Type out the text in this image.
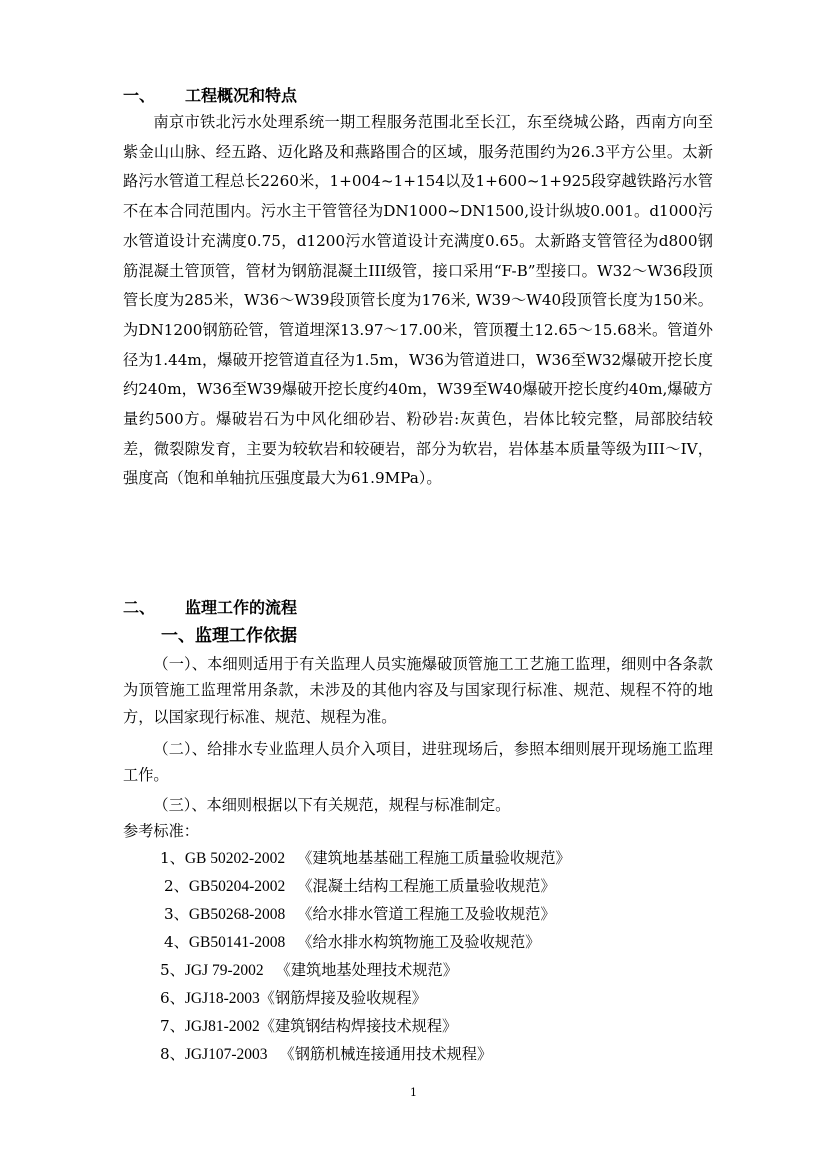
一、 工程概况和特点

南京市铁北污水处理系统一期工程服务范围北至长江，东至绕城公路，西南方向至紫金山山脉、经五路、迈化路及和燕路围合的区域，服务范围约为26.3平方公里。太新路污水管道工程总长2260米，1+004~1+154以及1+600~1+925段穿越铁路污水管不在本合同范围内。污水主干管管径为DN1000~DN1500,设计纵坡0.001。d1000污水管道设计充满度0.75，d1200污水管道设计充满度0.65。太新路支管管径为d800钢筋混凝土管顶管，管材为钢筋混凝土III级管，接口采用“F-B”型接口。W32～W36段顶管长度为285米，W36～W39段顶管长度为176米, W39～W40段顶管长度为150米。为DN1200钢筋砼管，管道埋深13.97～17.00米，管顶覆土12.65～15.68米。管道外径为1.44m，爆破开挖管道直径为1.5m，W36为管道进口，W36至W32爆破开挖长度约240m，W36至W39爆破开挖长度约40m，W39至W40爆破开挖长度约40m,爆破方量约500方。爆破岩石为中风化细砂岩、粉砂岩:灰黄色，岩体比较完整，局部胶结较差，微裂隙发育，主要为较软岩和较硬岩，部分为软岩，岩体基本质量等级为III～IV，强度高（饱和单轴抗压强度最大为61.9MPa）。

二、 监理工作的流程
一、监理工作依据

（一）、本细则适用于有关监理人员实施爆破顶管施工工艺施工监理，细则中各条款为顶管施工监理常用条款，未涉及的其他内容及与国家现行标准、规范、规程不符的地方，以国家现行标准、规范、规程为准。

（二）、给排水专业监理人员介入项目，进驻现场后，参照本细则展开现场施工监理工作。

（三）、本细则根据以下有关规范，规程与标准制定。

参考标准：
1、GB 50202-2002 《建筑地基基础工程施工质量验收规范》
2、GB50204-2002 《混凝土结构工程施工质量验收规范》
3、GB50268-2008 《给水排水管道工程施工及验收规范》
4、GB50141-2008 《给水排水构筑物施工及验收规范》
5、JGJ 79-2002 《建筑地基处理技术规范》
6、JGJ18-2003《钢筋焊接及验收规程》
7、JGJ81-2002《建筑钢结构焊接技术规程》
8、JGJ107-2003 《钢筋机械连接通用技术规程》
1
